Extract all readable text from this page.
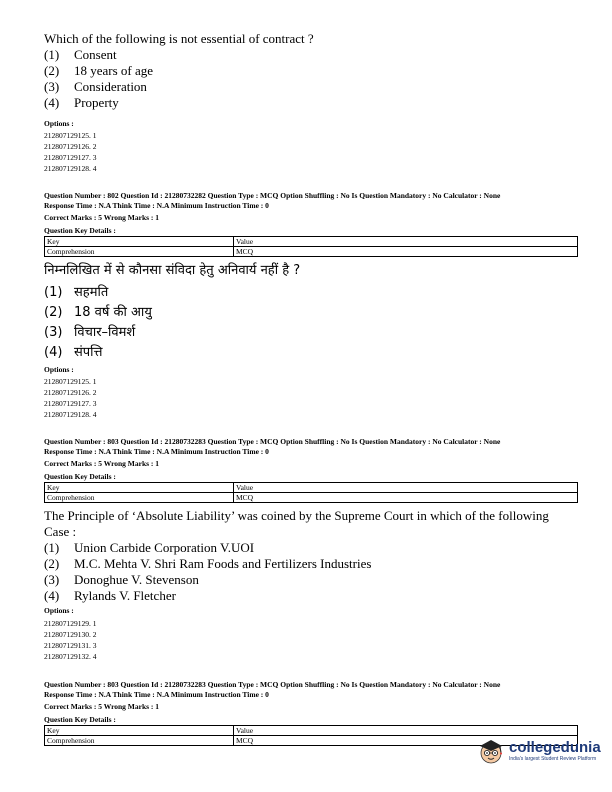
Which of the following is not essential of contract ?
(1)	Consent
(2)	18 years of age
(3)	Consideration
(4)	Property
Options :
212807129125. 1
212807129126. 2
212807129127. 3
212807129128. 4
Question Number : 802 Question Id : 21280732282 Question Type : MCQ Option Shuffling : No Is Question Mandatory : No Calculator : None
Response Time : N.A Think Time : N.A Minimum Instruction Time : 0
Correct Marks : 5 Wrong Marks : 1
Question Key Details :
Key	Value
Comprehension	MCQ
निम्नलिखित में से कौनसा संविदा हेतु अनिवार्य नहीं है ?
(1) सहमति
(2) 18 वर्ष की आयु
(3) विचार–विमर्श
(4) संपत्ति
Options :
212807129125. 1
212807129126. 2
212807129127. 3
212807129128. 4
Question Number : 803 Question Id : 21280732283 Question Type : MCQ Option Shuffling : No Is Question Mandatory : No Calculator : None
Response Time : N.A Think Time : N.A Minimum Instruction Time : 0
Correct Marks : 5 Wrong Marks : 1
Question Key Details :
Key	Value
Comprehension	MCQ
The Principle of ‘Absolute Liability’ was coined by the Supreme Court in which of the following
Case :
(1)	Union Carbide Corporation V.UOI
(2)	M.C. Mehta V. Shri Ram Foods and Fertilizers Industries
(3)	Donoghue V. Stevenson
(4)	Rylands V. Fletcher
Options :
212807129129. 1
212807129130. 2
212807129131. 3
212807129132. 4
Question Number : 803 Question Id : 21280732283 Question Type : MCQ Option Shuffling : No Is Question Mandatory : No Calculator : None
Response Time : N.A Think Time : N.A Minimum Instruction Time : 0
Correct Marks : 5 Wrong Marks : 1
Question Key Details :
Key	Value
Comprehension	MCQ	collegedunia
India's largest Student Review Platform
